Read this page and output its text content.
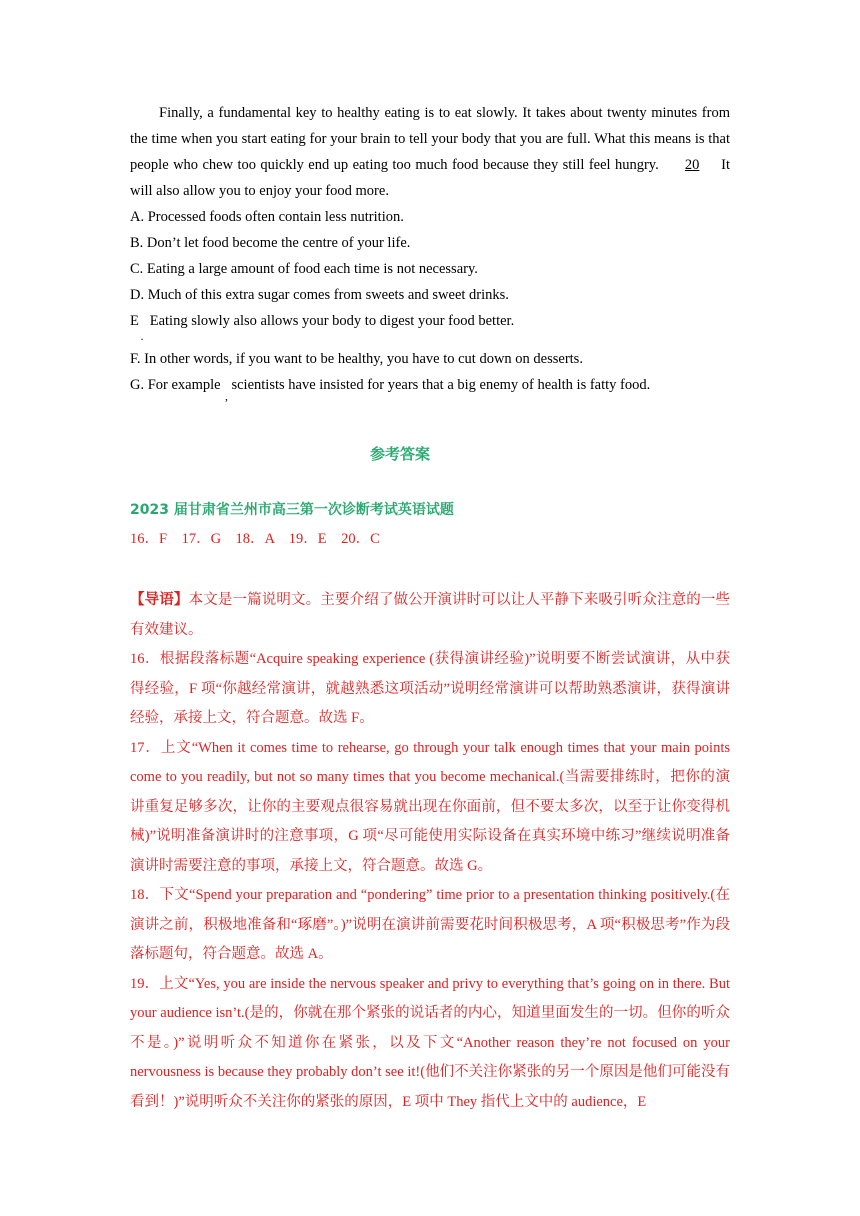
Finally, a fundamental key to healthy eating is to eat slowly. It takes about twenty minutes from the time when you start eating for your brain to tell your body that you are full. What this means is that people who chew too quickly end up eating too much food because they still feel hungry. 20 It will also allow you to enjoy your food more.

A. Processed foods often contain less nutrition.

B. Don’t let food become the centre of your life.

C. Eating a large amount of food each time is not necessary.

D. Much of this extra sugar comes from sweets and sweet drinks.

E   Eating slowly also allows your body to digest your food better.
·

F. In other words, if you want to be healthy, you have to cut down on desserts.

G. For example   scientists have insisted for years that a big enemy of health is fatty food.
,

参考答案

2023 届甘肃省兰州市高三第一次诊断考试英语试题

16．F　17．G　18．A　19．E　20．C

【导语】本文是一篇说明文。主要介绍了做公开演讲时可以让人平静下来吸引听众注意的一些有效建议。

16．根据段落标题“Acquire speaking experience (获得演讲经验)”说明要不断尝试演讲，从中获得经验，F 项“你越经常演讲，就越熟悉这项活动”说明经常演讲可以帮助熟悉演讲，获得演讲经验，承接上文，符合题意。故选 F。

17．上文“When it comes time to rehearse, go through your talk enough times that your main points come to you readily, but not so many times that you become mechanical.(当需要排练时，把你的演讲重复足够多次，让你的主要观点很容易就出现在你面前，但不要太多次，以至于让你变得机械)”说明准备演讲时的注意事项，G 项“尽可能使用实际设备在真实环境中练习”继续说明准备演讲时需要注意的事项，承接上文，符合题意。故选 G。

18．下文“Spend your preparation and “pondering” time prior to a presentation thinking positively.(在演讲之前，积极地准备和“琢磨”。)”说明在演讲前需要花时间积极思考，A 项“积极思考”作为段落标题句，符合题意。故选 A。

19．上文“Yes, you are inside the nervous speaker and privy to everything that’s going on in there. But your audience isn’t.(是的，你就在那个紧张的说话者的内心，知道里面发生的一切。但你的听众不是。)”说明听众不知道你在紧张，以及下文“Another reason they’re not focused on your nervousness is because they probably don’t see it!(他们不关注你紧张的另一个原因是他们可能没有看到！)”说明听众不关注你的紧张的原因，E 项中 They 指代上文中的 audience，E
